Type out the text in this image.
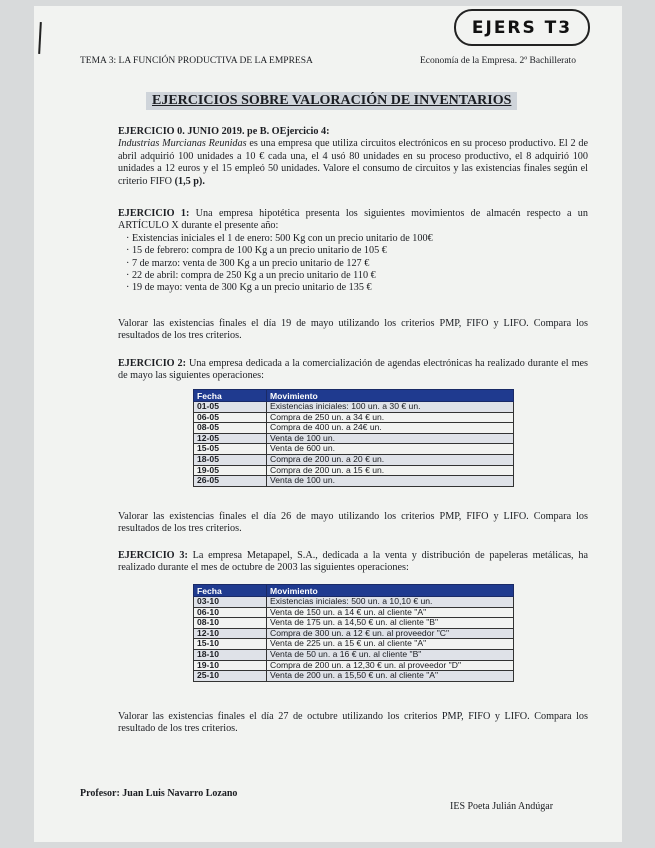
EJERS T3
TEMA 3: LA FUNCIÓN PRODUCTIVA DE LA EMPRESA	Economía de la Empresa. 2º Bachillerato
EJERCICIOS SOBRE VALORACIÓN DE INVENTARIOS

EJERCICIO 0. JUNIO 2019. pe B. OEjercicio 4:

Industrias Murcianas Reunidas es una empresa que utiliza circuitos electrónicos en su proceso productivo. El 2 de abril adquirió 100 unidades a 10 € cada una, el 4 usó 80 unidades en su proceso productivo, el 8 adquirió 100 unidades a 12 euros y el 15 empleó 50 unidades. Valore el consumo de circuitos y las existencias finales según el criterio FIFO (1,5 p).

EJERCICIO 1: Una empresa hipotética presenta los siguientes movimientos de almacén respecto a un ARTÍCULO X durante el presente año:

· Existencias iniciales el 1 de enero: 500 Kg con un precio unitario de 100€
· 15 de febrero: compra de 100 Kg a un precio unitario de 105 €
· 7 de marzo: venta de 300 Kg a un precio unitario de 127 €
· 22 de abril: compra de 250 Kg a un precio unitario de 110 €
· 19 de mayo: venta de 300 Kg a un precio unitario de 135 €
Valorar las existencias finales el día 19 de mayo utilizando los criterios PMP, FIFO y LIFO. Compara los resultados de los tres criterios.
EJERCICIO 2: Una empresa dedicada a la comercialización de agendas electrónicas ha realizado durante el mes de mayo las siguientes operaciones:
Fecha	Movimiento
01-05	Existencias iniciales: 100 un. a 30 € un.
06-05	Compra de 250 un. a 34 € un.
08-05	Compra de 400 un. a 24€ un.
12-05	Venta de 100 un.
15-05	Venta de 600 un.
18-05	Compra de 200 un. a 20 € un.
19-05	Compra de 200 un. a 15 € un.
26-05	Venta de 100 un.
Valorar las existencias finales el día 26 de mayo utilizando los criterios PMP, FIFO y LIFO. Compara los resultados de los tres criterios.
EJERCICIO 3: La empresa Metapapel, S.A., dedicada a la venta y distribución de papeleras metálicas, ha realizado durante el mes de octubre de 2003 las siguientes operaciones:
Fecha	Movimiento
03-10	Existencias iniciales: 500 un. a 10,10 € un.
06-10	Venta de 150 un. a 14 € un. al cliente "A"
08-10	Venta de 175 un. a 14,50 € un. al cliente "B"
12-10	Compra de 300 un. a 12 € un. al proveedor "C"
15-10	Venta de 225 un. a 15 € un. al cliente "A"
18-10	Venta de 50 un. a 16 € un. al cliente "B"
19-10	Compra de 200 un. a 12,30 € un. al proveedor "D"
25-10	Venta de 200 un. a 15,50 € un. al cliente "A"
Valorar las existencias finales el día 27 de octubre utilizando los criterios PMP, FIFO y LIFO. Compara los resultado de los tres criterios.
Profesor: Juan Luis Navarro Lozano
IES Poeta Julián Andúgar
